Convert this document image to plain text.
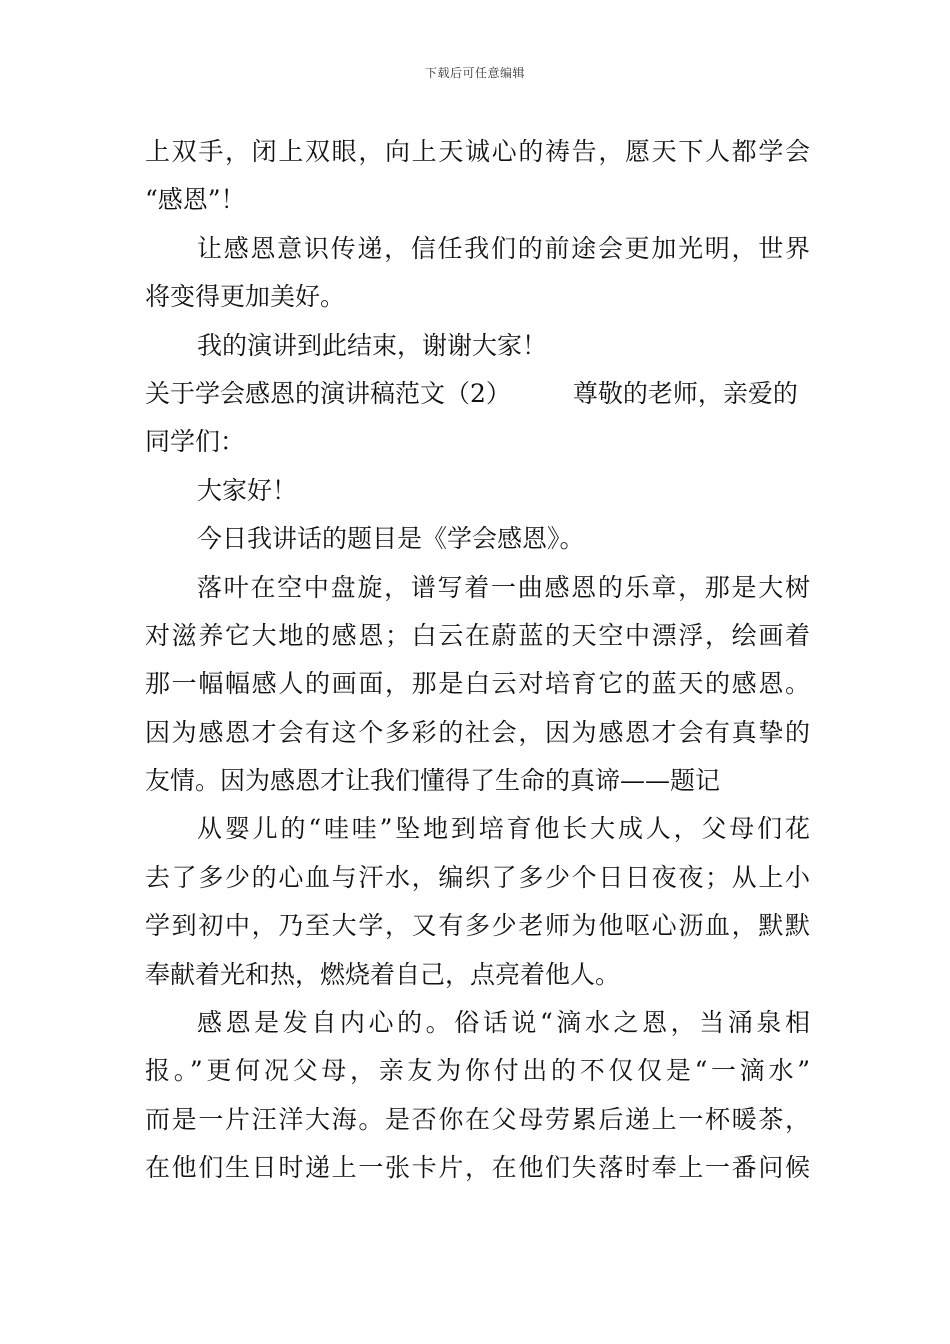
下载后可任意编辑
上双手，闭上双眼，向上天诚心的祷告，愿天下人都学会
“感恩”！
让感恩意识传递，信任我们的前途会更加光明，世界
将变得更加美好。
我的演讲到此结束，谢谢大家！
关于学会感恩的演讲稿范文（2） 尊敬的老师，亲爱的
同学们：
大家好！
今日我讲话的题目是《学会感恩》。
落叶在空中盘旋，谱写着一曲感恩的乐章，那是大树
对滋养它大地的感恩；白云在蔚蓝的天空中漂浮，绘画着
那一幅幅感人的画面，那是白云对培育它的蓝天的感恩。
因为感恩才会有这个多彩的社会，因为感恩才会有真挚的
友情。因为感恩才让我们懂得了生命的真谛——题记
从婴儿的“哇哇”坠地到培育他长大成人，父母们花
去了多少的心血与汗水，编织了多少个日日夜夜；从上小
学到初中，乃至大学，又有多少老师为他呕心沥血，默默
奉献着光和热，燃烧着自己，点亮着他人。
感恩是发自内心的。俗话说“滴水之恩，当涌泉相
报。”更何况父母，亲友为你付出的不仅仅是“一滴水”
而是一片汪洋大海。是否你在父母劳累后递上一杯暖茶，
在他们生日时递上一张卡片，在他们失落时奉上一番问候
